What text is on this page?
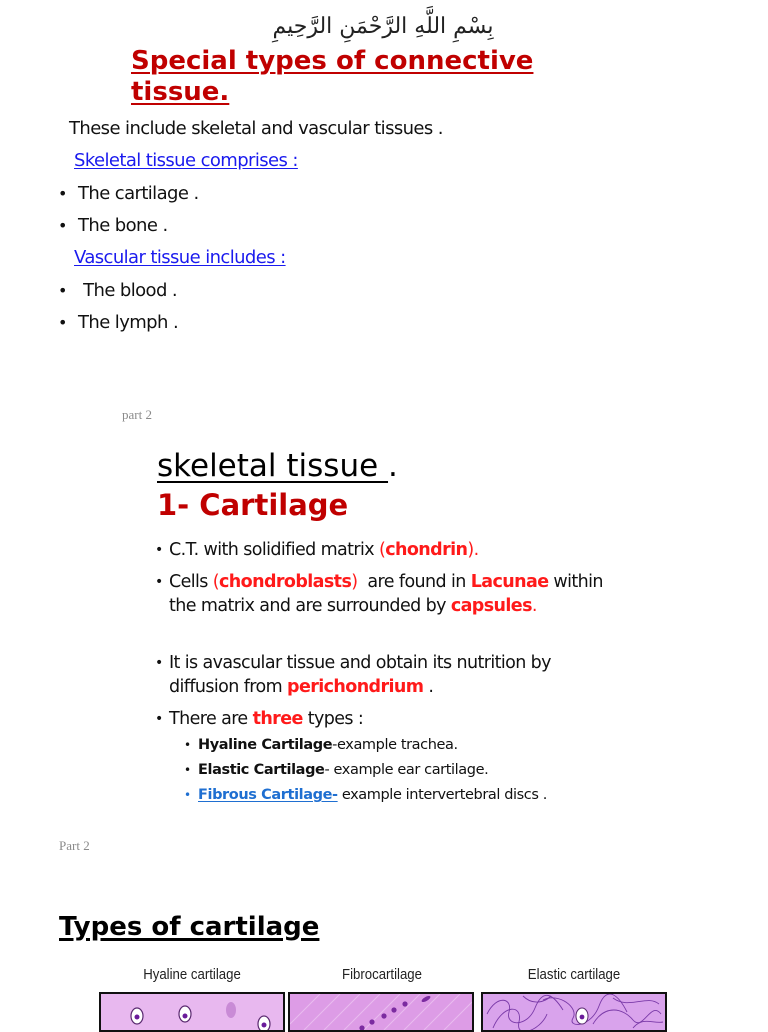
بِسْمِ اللَّهِ الرَّحْمَنِ الرَّحِيمِ
Special types of connective tissue.
These include skeletal and vascular tissues .
Skeletal tissue comprises :
• The cartilage .
• The bone .
Vascular tissue includes :
• The blood .
• The lymph .
part 2
skeletal tissue .
1- Cartilage
• C.T. with solidified matrix (chondrin).
• Cells (chondroblasts)  are found in Lacunae within the matrix and are surrounded by capsules.
• It is avascular tissue and obtain its nutrition by diffusion from perichondrium .
• There are three types :
• Hyaline Cartilage-example trachea.
• Elastic Cartilage- example ear cartilage.
• Fibrous Cartilage- example intervertebral discs .
Part 2
Types of cartilage
Hyaline cartilage	Fibrocartilage	Elastic cartilage
